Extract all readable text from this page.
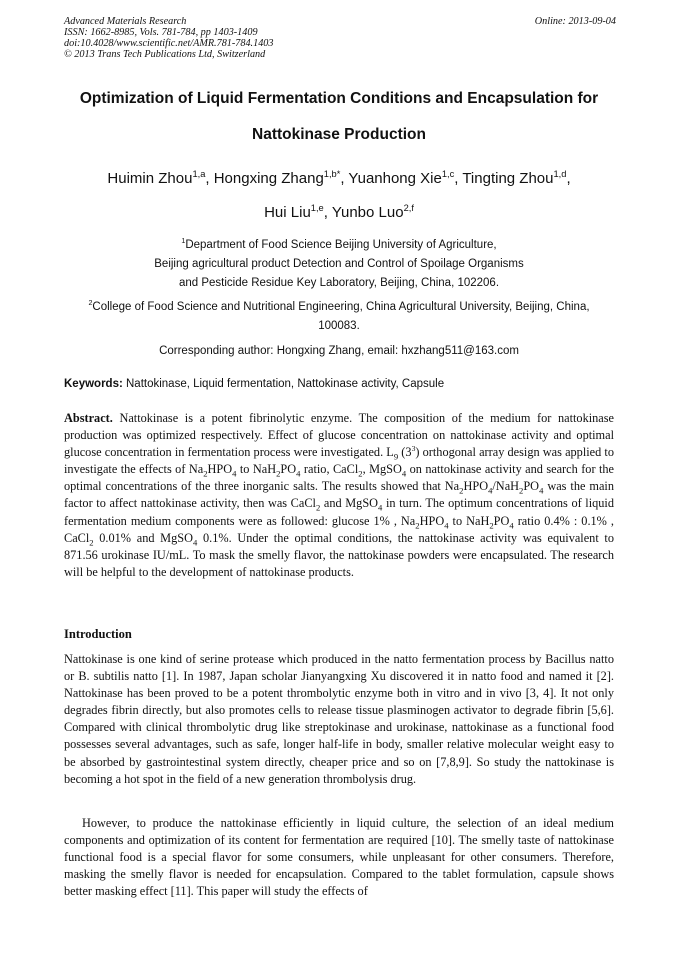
Advanced Materials Research
ISSN: 1662-8985, Vols. 781-784, pp 1403-1409
doi:10.4028/www.scientific.net/AMR.781-784.1403
© 2013 Trans Tech Publications Ltd, Switzerland
Online: 2013-09-04
Optimization of Liquid Fermentation Conditions and Encapsulation for
Nattokinase Production
Huimin Zhou$^{1,a}$, Hongxing Zhang$^{1,b*}$, Yuanhong Xie$^{1,c}$, Tingting Zhou$^{1,d}$,
Hui Liu$^{1,e}$, Yunbo Luo$^{2,f}$
$^1$Department of Food Science Beijing University of Agriculture,
Beijing agricultural product Detection and Control of Spoilage Organisms
and Pesticide Residue Key Laboratory, Beijing, China, 102206.
$^2$College of Food Science and Nutritional Engineering, China Agricultural University, Beijing, China,
100083.
Corresponding author: Hongxing Zhang, email: hxzhang511@163.com
Keywords: Nattokinase, Liquid fermentation, Nattokinase activity, Capsule

Abstract. Nattokinase is a potent fibrinolytic enzyme. The composition of the medium for nattokinase production was optimized respectively. Effect of glucose concentration on nattokinase activity and optimal glucose concentration in fermentation process were investigated. $L_9$ $(3^3)$ orthogonal array design was applied to investigate the effects of $Na_2HPO_4$ to $NaH_2PO_4$ ratio, CaCl$_2$, MgSO$_4$ on nattokinase activity and search for the optimal concentrations of the three inorganic salts. The results showed that $Na_2HPO_4/NaH_2PO_4$ was the main factor to affect nattokinase activity, then was CaCl$_2$ and MgSO$_4$ in turn. The optimum concentrations of liquid fermentation medium components were as followed: glucose 1% , $Na_2HPO_4$ to $NaH_2PO_4$ ratio 0.4% : 0.1% , CaCl$_2$ 0.01% and MgSO$_4$ 0.1%. Under the optimal conditions, the nattokinase activity was equivalent to 871.56 urokinase IU/mL. To mask the smelly flavor, the nattokinase powders were encapsulated. The research will be helpful to the development of nattokinase products.

Introduction

Nattokinase is one kind of serine protease which produced in the natto fermentation process by Bacillus natto or B. subtilis natto [1]. In 1987, Japan scholar Jianyangxing Xu discovered it in natto food and named it [2]. Nattokinase has been proved to be a potent thrombolytic enzyme both in vitro and in vivo [3, 4]. It not only degrades fibrin directly, but also promotes cells to release tissue plasminogen activator to degrade fibrin [5,6]. Compared with clinical thrombolytic drug like streptokinase and urokinase, nattokinase as a functional food possesses several advantages, such as safe, longer half-life in body, smaller relative molecular weight easy to be absorbed by gastrointestinal system directly, cheaper price and so on [7,8,9]. So study the nattokinase is becoming a hot spot in the field of a new generation thrombolysis drug.

However, to produce the nattokinase efficiently in liquid culture, the selection of an ideal medium components and optimization of its content for fermentation are required [10]. The smelly taste of nattokinase functional food is a special flavor for some consumers, while unpleasant for other consumers. Therefore, masking the smelly flavor is needed for encapsulation. Compared to the tablet formulation, capsule shows better masking effect [11]. This paper will study the effects of
